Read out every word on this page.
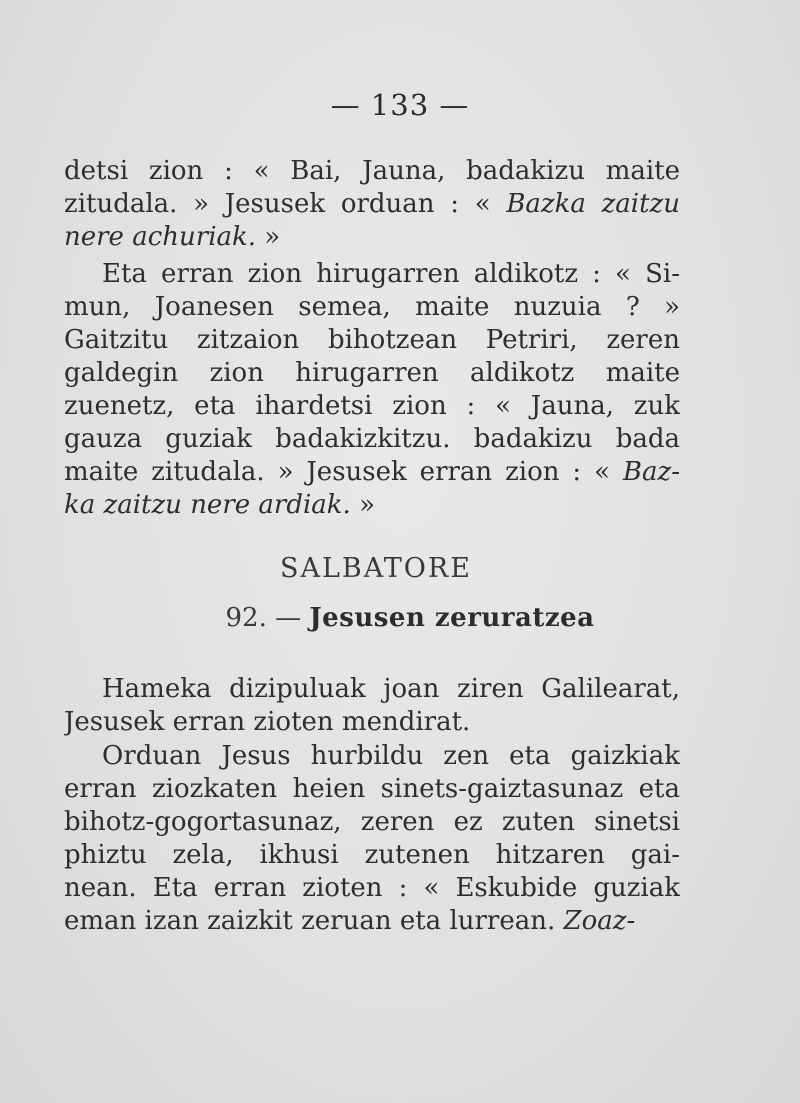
— 133 —
detsi zion : « Bai, Jauna, badakizu maite
zitudala. » Jesusek orduan : « Bazka zaitzu
nere achuriak. »
Eta erran zion hirugarren aldikotz : « Si-
mun, Joanesen semea, maite nuzuia ? »
Gaitzitu zitzaion bihotzean Petriri, zeren
galdegin zion hirugarren aldikotz maite
zuenetz, eta ihardetsi zion : « Jauna, zuk
gauza guziak badakizkitzu. badakizu bada
maite zitudala. » Jesusek erran zion : « Baz-
ka zaitzu nere ardiak. »
SALBATORE
92. — Jesusen zeruratzea
Hameka dizipuluak joan ziren Galilearat,
Jesusek erran zioten mendirat.
Orduan Jesus hurbildu zen eta gaizkiak
erran ziozkaten heien sinets-gaiztasunaz eta
bihotz-gogortasunaz, zeren ez zuten sinetsi
phiztu zela, ikhusi zutenen hitzaren gai-
nean. Eta erran zioten : « Eskubide guziak
eman izan zaizkit zeruan eta lurrean. Zoaz-
